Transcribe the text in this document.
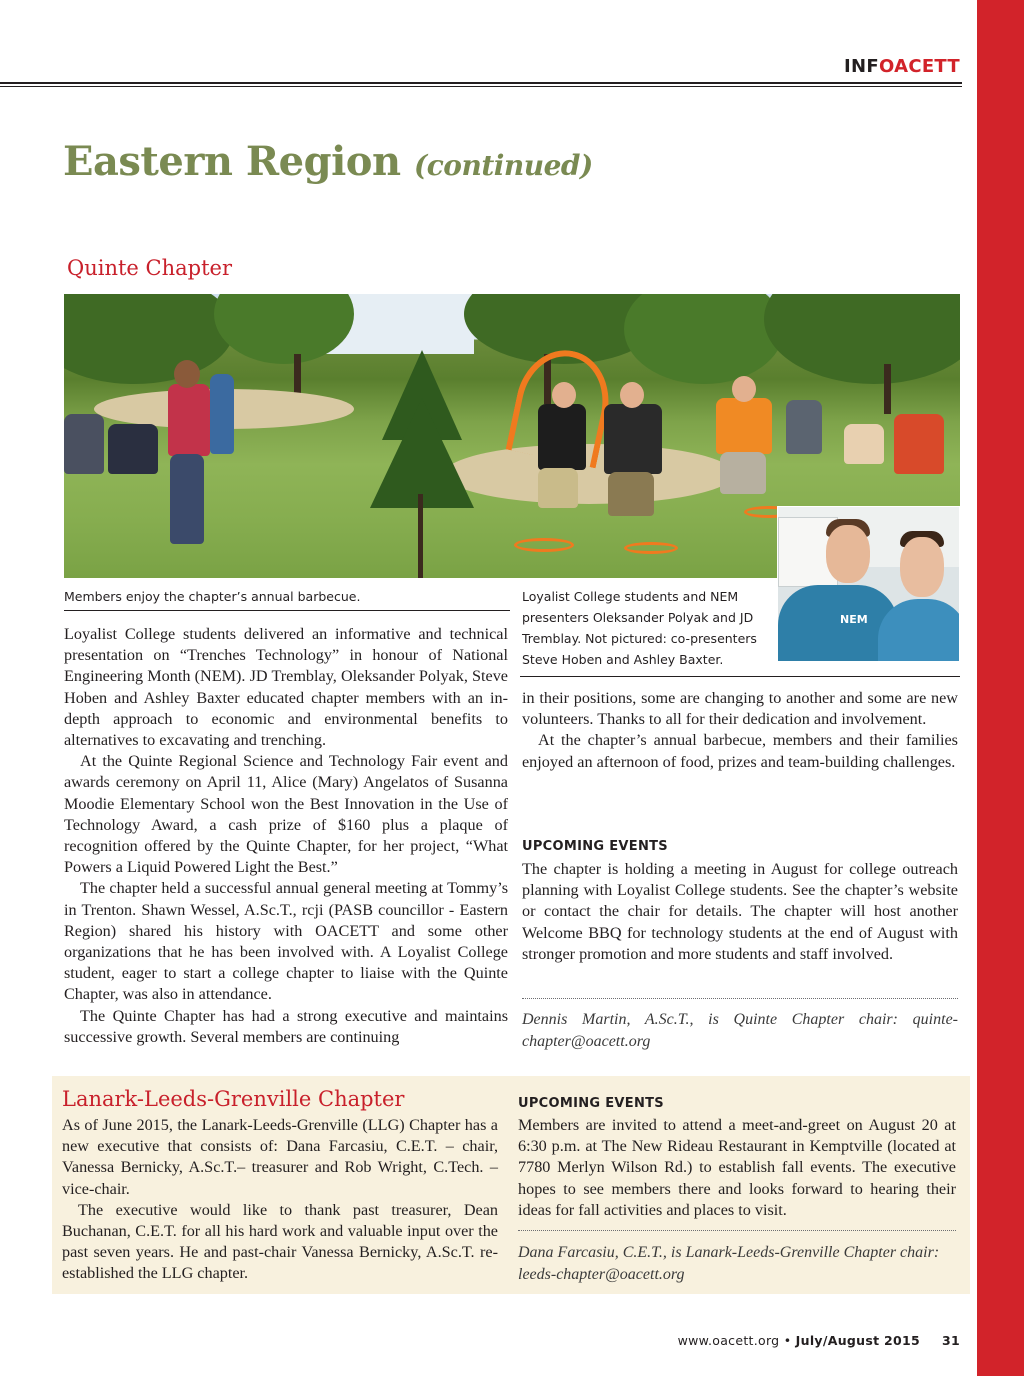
INFOACETT
Eastern Region (continued)
Quinte Chapter
NEM
Members enjoy the chapter’s annual barbecue.	Loyalist College students and NEM presenters Oleksander Polyak and JD Tremblay. Not pictured: co-presenters Steve Hoben and Ashley Baxter.

Loyalist College students delivered an informative and technical presentation on “Trenches Technology” in honour of National Engineering Month (NEM). JD Tremblay, Oleksander Polyak, Steve Hoben and Ashley Baxter educated chapter members with an in-depth approach to economic and environmental benefits to alternatives to excavating and trenching.

At the Quinte Regional Science and Technology Fair event and awards ceremony on April 11, Alice (Mary) Angelatos of Susanna Moodie Elementary School won the Best Innovation in the Use of Technology Award, a cash prize of $160 plus a plaque of recognition offered by the Quinte Chapter, for her project, “What Powers a Liquid Powered Light the Best.”

The chapter held a successful annual general meeting at Tommy’s in Trenton. Shawn Wessel, A.Sc.T., rcji (PASB councillor - Eastern Region) shared his history with OACETT and some other organizations that he has been involved with. A Loyalist College student, eager to start a college chapter to liaise with the Quinte Chapter, was also in attendance.

The Quinte Chapter has had a strong executive and maintains successive growth. Several members are continuing

in their positions, some are changing to another and some are new volunteers. Thanks to all for their dedication and involvement.

At the chapter’s annual barbecue, members and their families enjoyed an afternoon of food, prizes and team-building challenges.

UPCOMING EVENTS
The chapter is holding a meeting in August for college outreach planning with Loyalist College students. See the chapter’s website or contact the chair for details. The chapter will host another Welcome BBQ for technology students at the end of August with stronger promotion and more students and staff involved.
Dennis Martin, A.Sc.T., is Quinte Chapter chair: quinte-chapter@oacett.org
Lanark-Leeds-Grenville Chapter

As of June 2015, the Lanark-Leeds-Grenville (LLG) Chapter has a new executive that consists of: Dana Farcasiu, C.E.T. – chair, Vanessa Bernicky, A.Sc.T.– treasurer and Rob Wright, C.Tech. – vice-chair.

The executive would like to thank past treasurer, Dean Buchanan, C.E.T. for all his hard work and valuable input over the past seven years. He and past-chair Vanessa Bernicky, A.Sc.T. re-established the LLG chapter.

UPCOMING EVENTS
Members are invited to attend a meet-and-greet on August 20 at 6:30 p.m. at The New Rideau Restaurant in Kemptville (located at 7780 Merlyn Wilson Rd.) to establish fall events. The executive hopes to see members there and looks forward to hearing their ideas for fall activities and places to visit.
Dana Farcasiu, C.E.T., is Lanark-Leeds-Grenville Chapter chair: leeds-chapter@oacett.org
www.oacett.org • July/August 2015 31
